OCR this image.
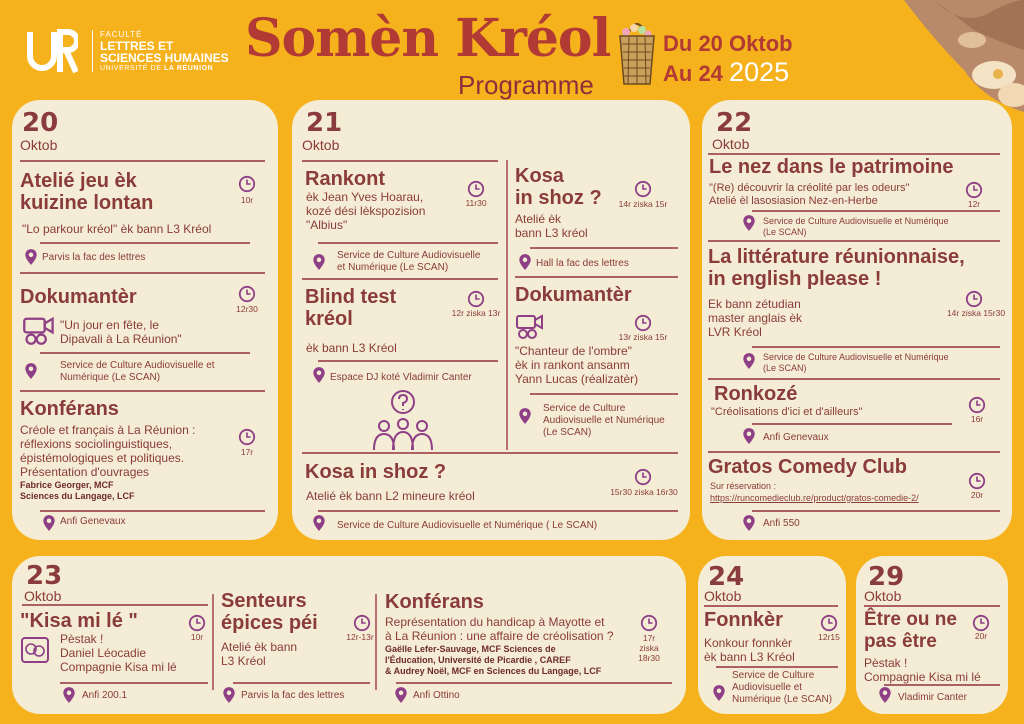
FACULTÉ
LETTRES ET
SCIENCES HUMAINES
UNIVERSITÉ DE LA RÉUNION Somèn Kréol
Programme
Du 20 Oktob
Au 24 2025
20
Oktob
Atelié jeu èk
kuizine lontan	10r
"Lo parkour kréol" èk bann L3 Kréol
Parvis la fac des lettres
Dokumantèr
12r30
"Un jour en fête, le
Dipavali à La Réunion"
Service de Culture Audiovisuelle et
Numérique (Le SCAN)
Konférans
17r
Créole et français à La Réunion :
réflexions sociolinguistiques,
épistémologiques et politiques.
Présentation d'ouvrages
Fabrice Georger, MCF
Sciences du Langage, LCF
Anfi Genevaux
21
Oktob
Rankont
11r30
èk Jean Yves Hoarau,
kozé dési lèkspozision
"Albius"
Service de Culture Audiovisuelle
et Numérique (Le SCAN)
Kosa
in shoz ?	14r ziska 15r
Atelié èk
bann L3 kréol
Hall la fac des lettres
Blind test
kréol	12r ziska 13r
èk bann L3 Kréol
Espace DJ koté Vladimir Canter
Dokumantèr
13r ziska 15r
"Chanteur de l'ombre"
èk in rankont ansanm
Yann Lucas (réalizatèr)
Service de Culture
Audiovisuelle et Numérique
(Le SCAN)
Kosa in shoz ?
15r30 ziska 16r30
Atelié èk bann L2 mineure kréol
Service de Culture Audiovisuelle et Numérique ( Le SCAN)
22
Oktob
Le nez dans le patrimoine
12r
"(Re) découvrir la créolité par les odeurs"
Atelié èl lasosiasion Nez-en-Herbe
Service de Culture Audiovisuelle et Numérique
(Le SCAN)
La littérature réunionnaise,
in english please !
14r ziska 15r30
Ek bann zétudian
master anglais èk
LVR Kréol
Service de Culture Audiovisuelle et Numérique
(Le SCAN)
Ronkozé
16r
"Créolisations d'ici et d'ailleurs"
Anfi Genevaux
Gratos Comedy Club
Sur réservation :
https://runcomedieclub.re/product/gratos-comedie-2/	20r
Anfi 550
23
Oktob
"Kisa mi lé "
10r
Pèstak !
Daniel Léocadie
Compagnie Kisa mi lé
Anfi 200.1
Senteurs
épices péi
12r-13r
Atelié èk bann
L3 Kréol
Parvis la fac des lettres
Konférans
Représentation du handicap à Mayotte et
à La Réunion : une affaire de créolisation ?
Gaëlle Lefer-Sauvage, MCF Sciences de
l'Éducation, Université de Picardie , CAREF
& Audrey Noël, MCF en Sciences du Langage, LCF
17r
ziska
18r30
Anfi Ottino
24
Oktob
Fonnkèr
12r15
Konkour fonnkèr
èk bann L3 Kréol
Service de Culture
Audiovisuelle et
Numérique (Le SCAN)
29
Oktob
Être ou ne
pas être	20r
Pèstak !
Compagnie Kisa mi lé
Vladimir Canter
